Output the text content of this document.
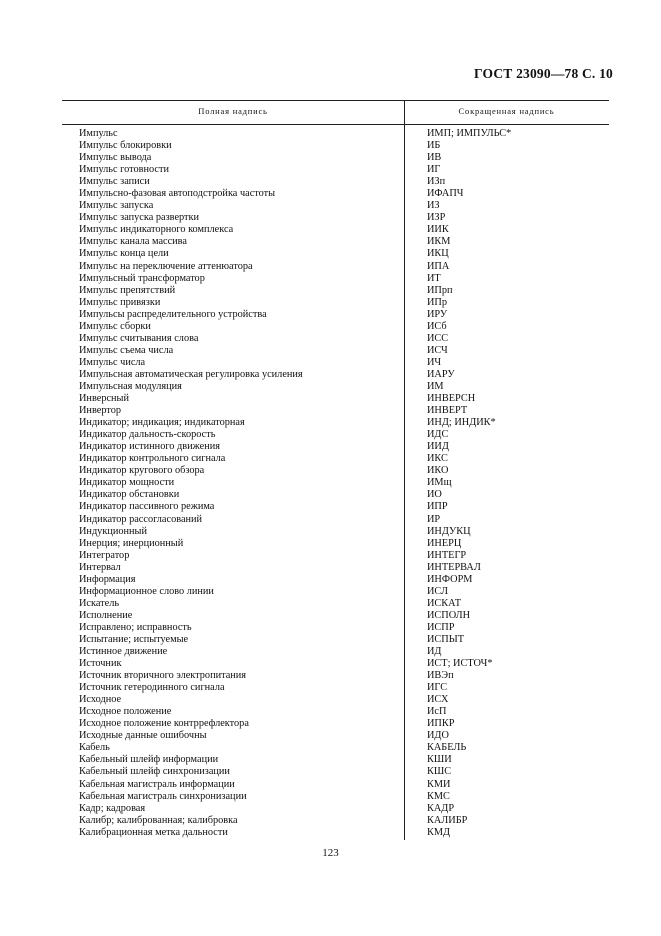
ГОСТ 23090—78 С. 10
Полная надпись	Сокращенная надпись
Импульс	ИМП; ИМПУЛЬС*
Импульс блокировки	ИБ
Импульс вывода	ИВ
Импульс готовности	ИГ
Импульс записи	ИЗп
Импульсно-фазовая автоподстройка частоты	ИФАПЧ
Импульс запуска	ИЗ
Импульс запуска развертки	ИЗР
Импульс индикаторного комплекса	ИИК
Импульс канала массива	ИКМ
Импульс конца цели	ИКЦ
Импульс на переключение аттенюатора	ИПА
Импульсный трансформатор	ИТ
Импульс препятствий	ИПрп
Импульс привязки	ИПр
Импульсы распределительного устройства	ИРУ
Импульс сборки	ИСб
Импульс считывания слова	ИСС
Импульс съема числа	ИСЧ
Импульс числа	ИЧ
Импульсная автоматическая регулировка усиления	ИАРУ
Импульсная модуляция	ИМ
Инверсный	ИНВЕРСН
Инвертор	ИНВЕРТ
Индикатор; индикация; индикаторная	ИНД; ИНДИК*
Индикатор дальность-скорость	ИДС
Индикатор истинного движения	ИИД
Индикатор контрольного сигнала	ИКС
Индикатор кругового обзора	ИКО
Индикатор мощности	ИМщ
Индикатор обстановки	ИО
Индикатор пассивного режима	ИПР
Индикатор рассогласований	ИР
Индукционный	ИНДУКЦ
Инерция; инерционный	ИНЕРЦ
Интегратор	ИНТЕГР
Интервал	ИНТЕРВАЛ
Информация	ИНФОРМ
Информационное слово линии	ИСЛ
Искатель	ИСКАТ
Исполнение	ИСПОЛН
Исправлено; исправность	ИСПР
Испытание; испытуемые	ИСПЫТ
Истинное движение	ИД
Источник	ИСТ; ИСТОЧ*
Источник вторичного электропитания	ИВЭп
Источник гетеродинного сигнала	ИГС
Исходное	ИСХ
Исходное положение	ИсП
Исходное положение контррефлектора	ИПКР
Исходные данные ошибочны	ИДО
Кабель	КАБЕЛЬ
Кабельный шлейф информации	КШИ
Кабельный шлейф синхронизации	КШС
Кабельная магистраль информации	КМИ
Кабельная магистраль синхронизации	КМС
Кадр; кадровая	КАДР
Калибр; калиброванная; калибровка	КАЛИБР
Калибрационная метка дальности	КМД
123
